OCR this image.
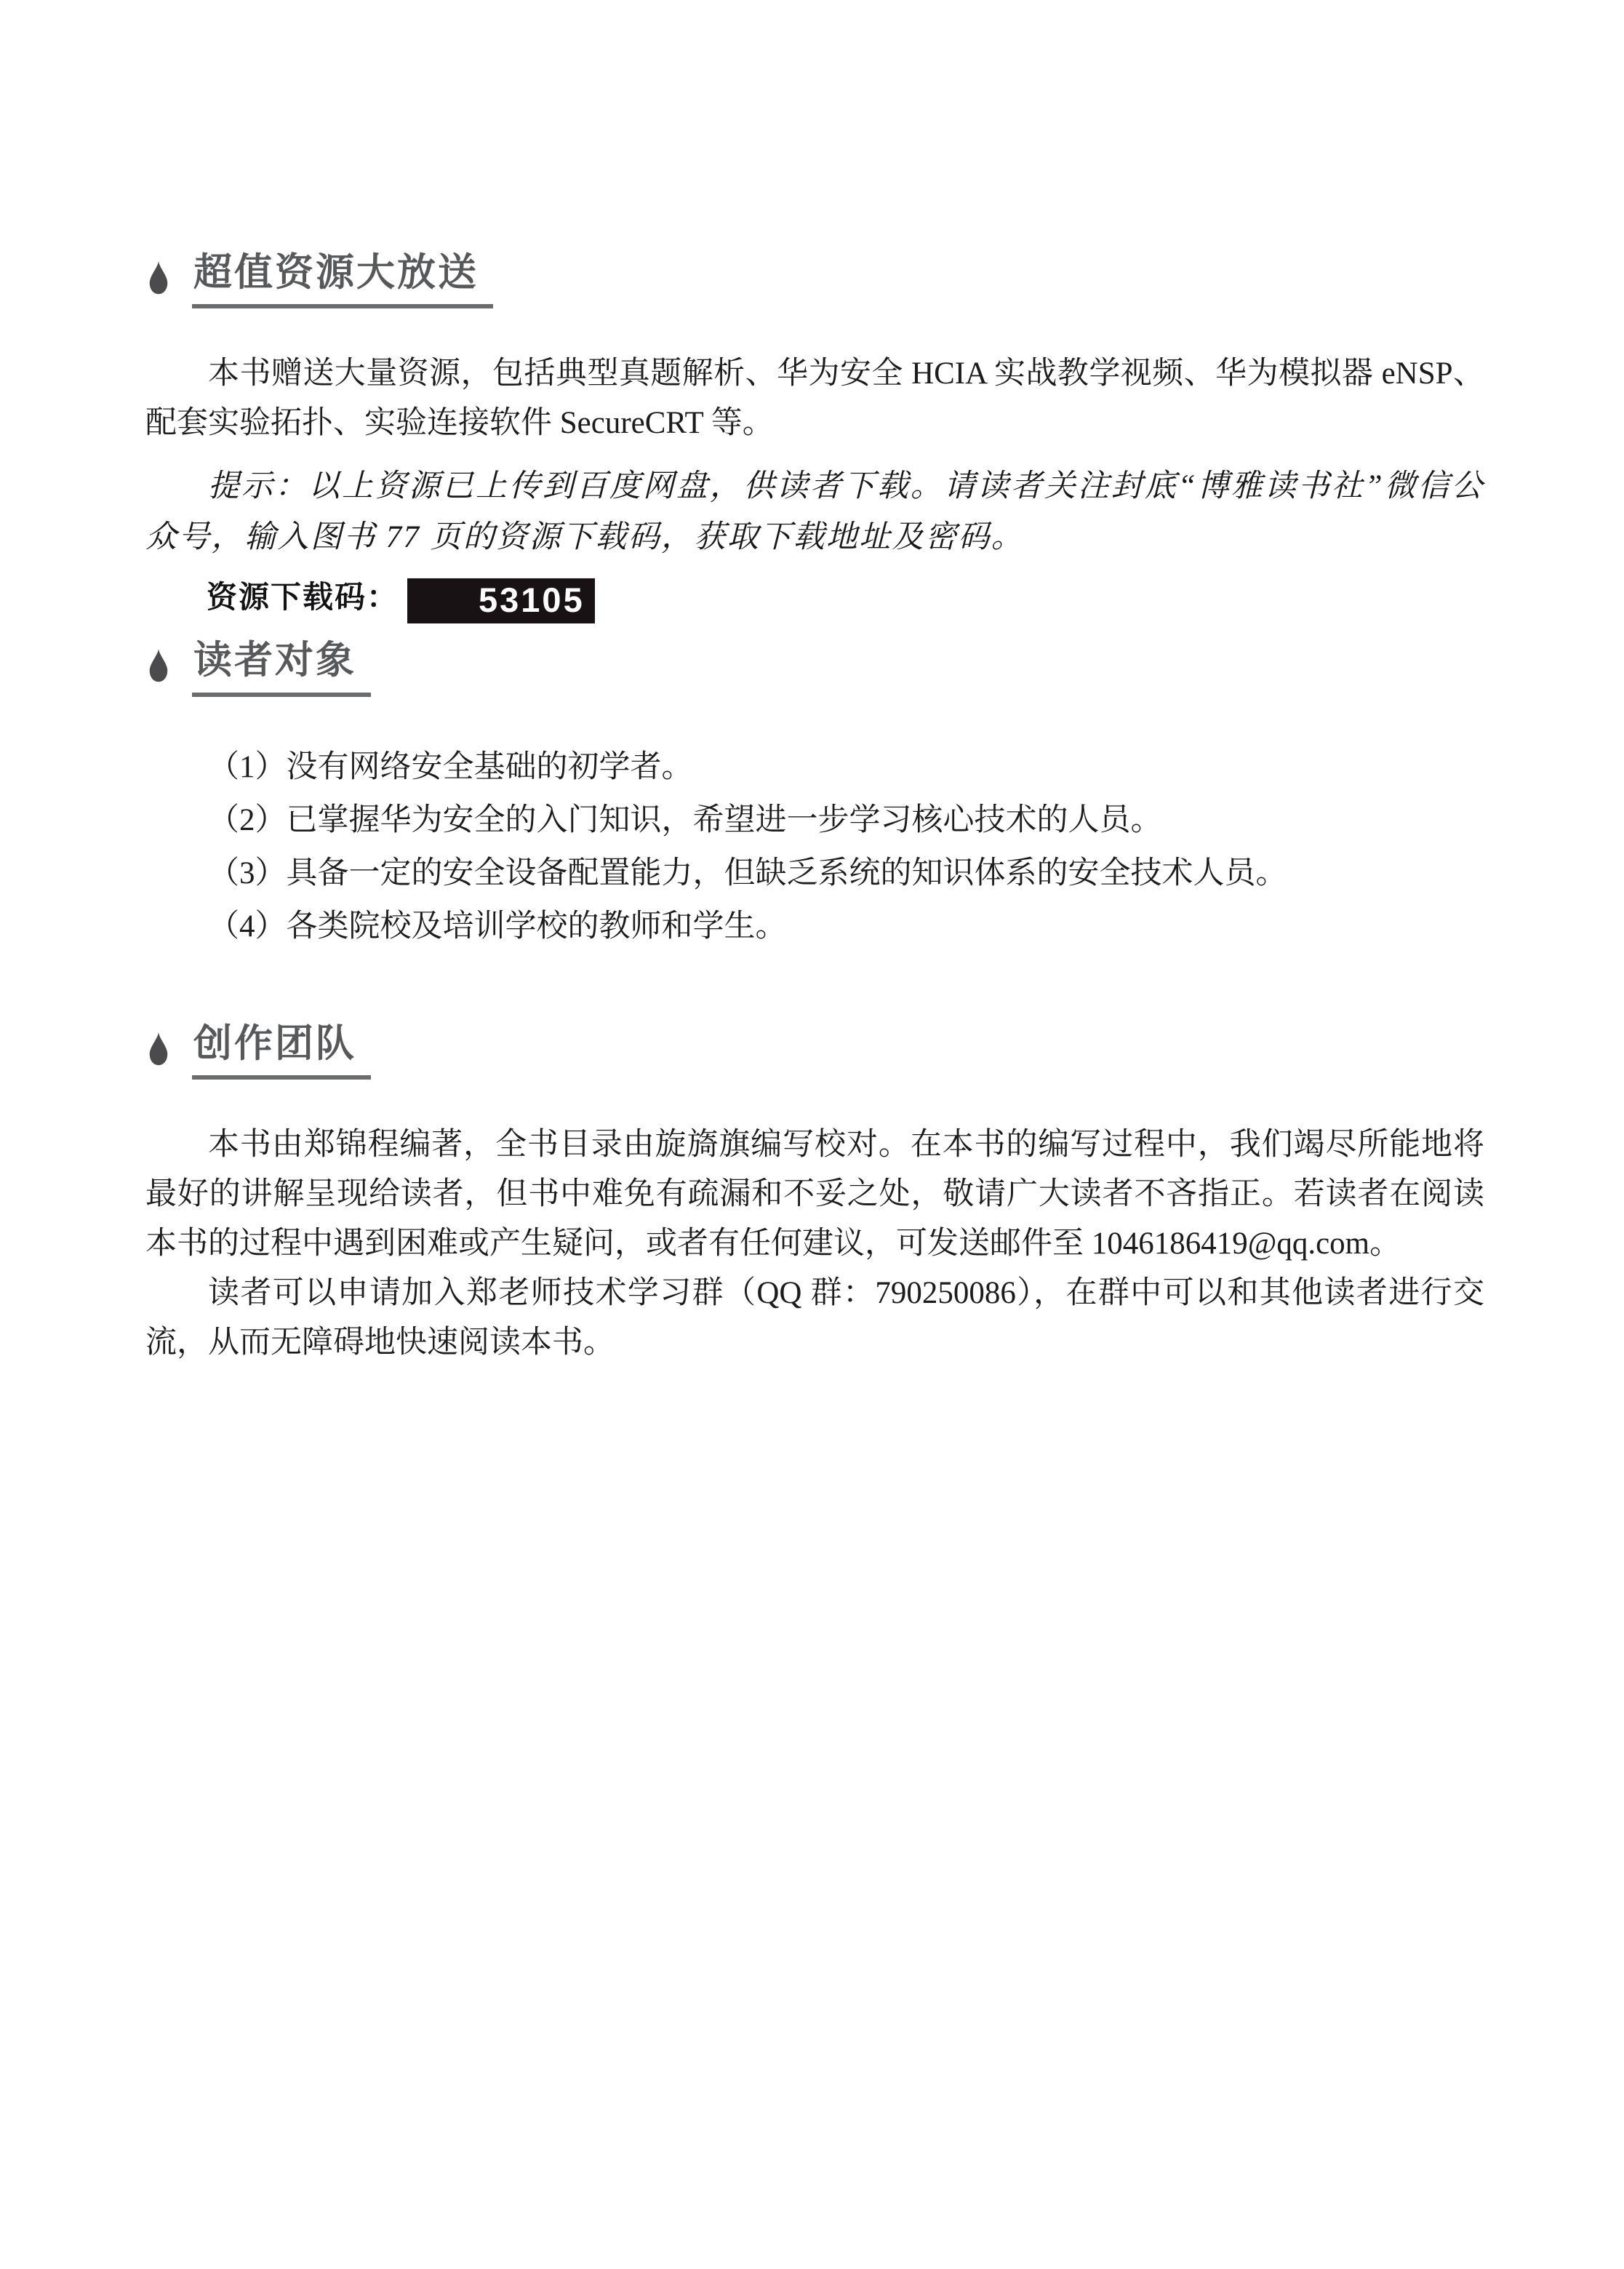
超值资源大放送

本书赠送大量资源，包括典型真题解析、华为安全 HCIA 实战教学视频、华为模拟器 eNSP、配套实验拓扑、实验连接软件 SecureCRT 等。

提示：以上资源已上传到百度网盘，供读者下载。请读者关注封底“博雅读书社”微信公众号，输入图书 77 页的资源下载码，获取下载地址及密码。

资源下载码： 53105

读者对象

（1）没有网络安全基础的初学者。

（2）已掌握华为安全的入门知识，希望进一步学习核心技术的人员。

（3）具备一定的安全设备配置能力，但缺乏系统的知识体系的安全技术人员。

（4）各类院校及培训学校的教师和学生。

创作团队

本书由郑锦程编著，全书目录由旋旖旗编写校对。在本书的编写过程中，我们竭尽所能地将最好的讲解呈现给读者，但书中难免有疏漏和不妥之处，敬请广大读者不吝指正。若读者在阅读本书的过程中遇到困难或产生疑问，或者有任何建议，可发送邮件至 1046186419@qq.com。

读者可以申请加入郑老师技术学习群（QQ 群：790250086），在群中可以和其他读者进行交流，从而无障碍地快速阅读本书。
